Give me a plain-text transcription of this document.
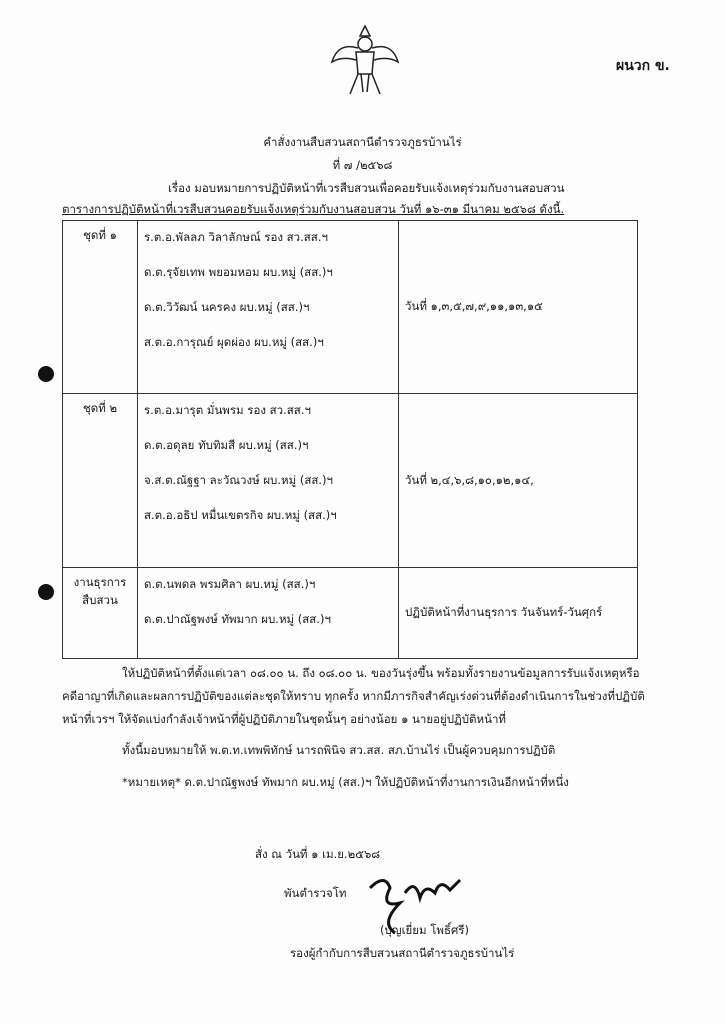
ผนวก ข.
คำสั่งงานสืบสวนสถานีตำรวจภูธรบ้านไร่
ที่ ๗ /๒๕๖๘
เรื่อง มอบหมายการปฏิบัติหน้าที่เวรสืบสวนเพื่อคอยรับแจ้งเหตุร่วมกับงานสอบสวน
ตารางการปฏิบัติหน้าที่เวรสืบสวนคอยรับแจ้งเหตุร่วมกับงานสอบสวน วันที่ ๑๖-๓๑ มีนาคม ๒๕๖๘ ดังนี้.
ชุดที่ ๑	ร.ต.อ.พัลลภ วิลาลักษณ์ รอง สว.สส.ฯ
ด.ต.รุจัยเทพ พยอมหอม ผบ.หมู่ (สส.)ฯ
ด.ต.วิวัฒน์ นครคง ผบ.หมู่ (สส.)ฯ
ส.ต.อ.การุณย์ ผุดผ่อง ผบ.หมู่ (สส.)ฯ	วันที่ ๑,๓,๕,๗,๙,๑๑,๑๓,๑๕
ชุดที่ ๒	ร.ต.อ.มารุต มั่นพรม รอง สว.สส.ฯ
ด.ต.อดุลย ทับทิมสี ผบ.หมู่ (สส.)ฯ
จ.ส.ต.ณัฐฐา ละวัณวงษ์ ผบ.หมู่ (สส.)ฯ
ส.ต.อ.อธิป หมื่นเขตรกิจ ผบ.หมู่ (สส.)ฯ	วันที่ ๒,๔,๖,๘,๑๐,๑๒,๑๔,
งานธุรการ สืบสวน	ด.ต.นพดล พรมศิลา ผบ.หมู่ (สส.)ฯ
ด.ต.ปาณัฐพงษ์ ทัพมาก ผบ.หมู่ (สส.)ฯ	ปฏิบัติหน้าที่งานธุรการ วันจันทร์-วันศุกร์
ให้ปฏิบัติหน้าที่ตั้งแต่เวลา ๐๘.๐๐ น. ถึง ๐๘.๐๐ น. ของวันรุ่งขึ้น พร้อมทั้งรายงานข้อมูลการรับแจ้งเหตุหรือ
คดีอาญาที่เกิดและผลการปฏิบัติของแต่ละชุดให้ทราบ ทุกครั้ง หากมีภารกิจสำคัญเร่งด่วนที่ต้องดำเนินการในช่วงที่ปฏิบัติ
หน้าที่เวรฯ ให้จัดแบ่งกำลังเจ้าหน้าที่ผู้ปฏิบัติภายในชุดนั้นๆ อย่างน้อย ๑ นายอยู่ปฏิบัติหน้าที่
ทั้งนี้มอบหมายให้ พ.ต.ท.เทพพิทักษ์ นารถพินิจ สว.สส. สภ.บ้านไร่ เป็นผู้ควบคุมการปฏิบัติ
*หมายเหตุ* ด.ต.ปาณัฐพงษ์ ทัพมาก ผบ.หมู่ (สส.)ฯ ให้ปฏิบัติหน้าที่งานการเงินอีกหน้าที่หนึ่ง
สั่ง ณ วันที่ ๑ เม.ย.๒๕๖๘
พันตำรวจโท
(บุญเยี่ยม โพธิ์ศรี)
รองผู้กำกับการสืบสวนสถานีตำรวจภูธรบ้านไร่
